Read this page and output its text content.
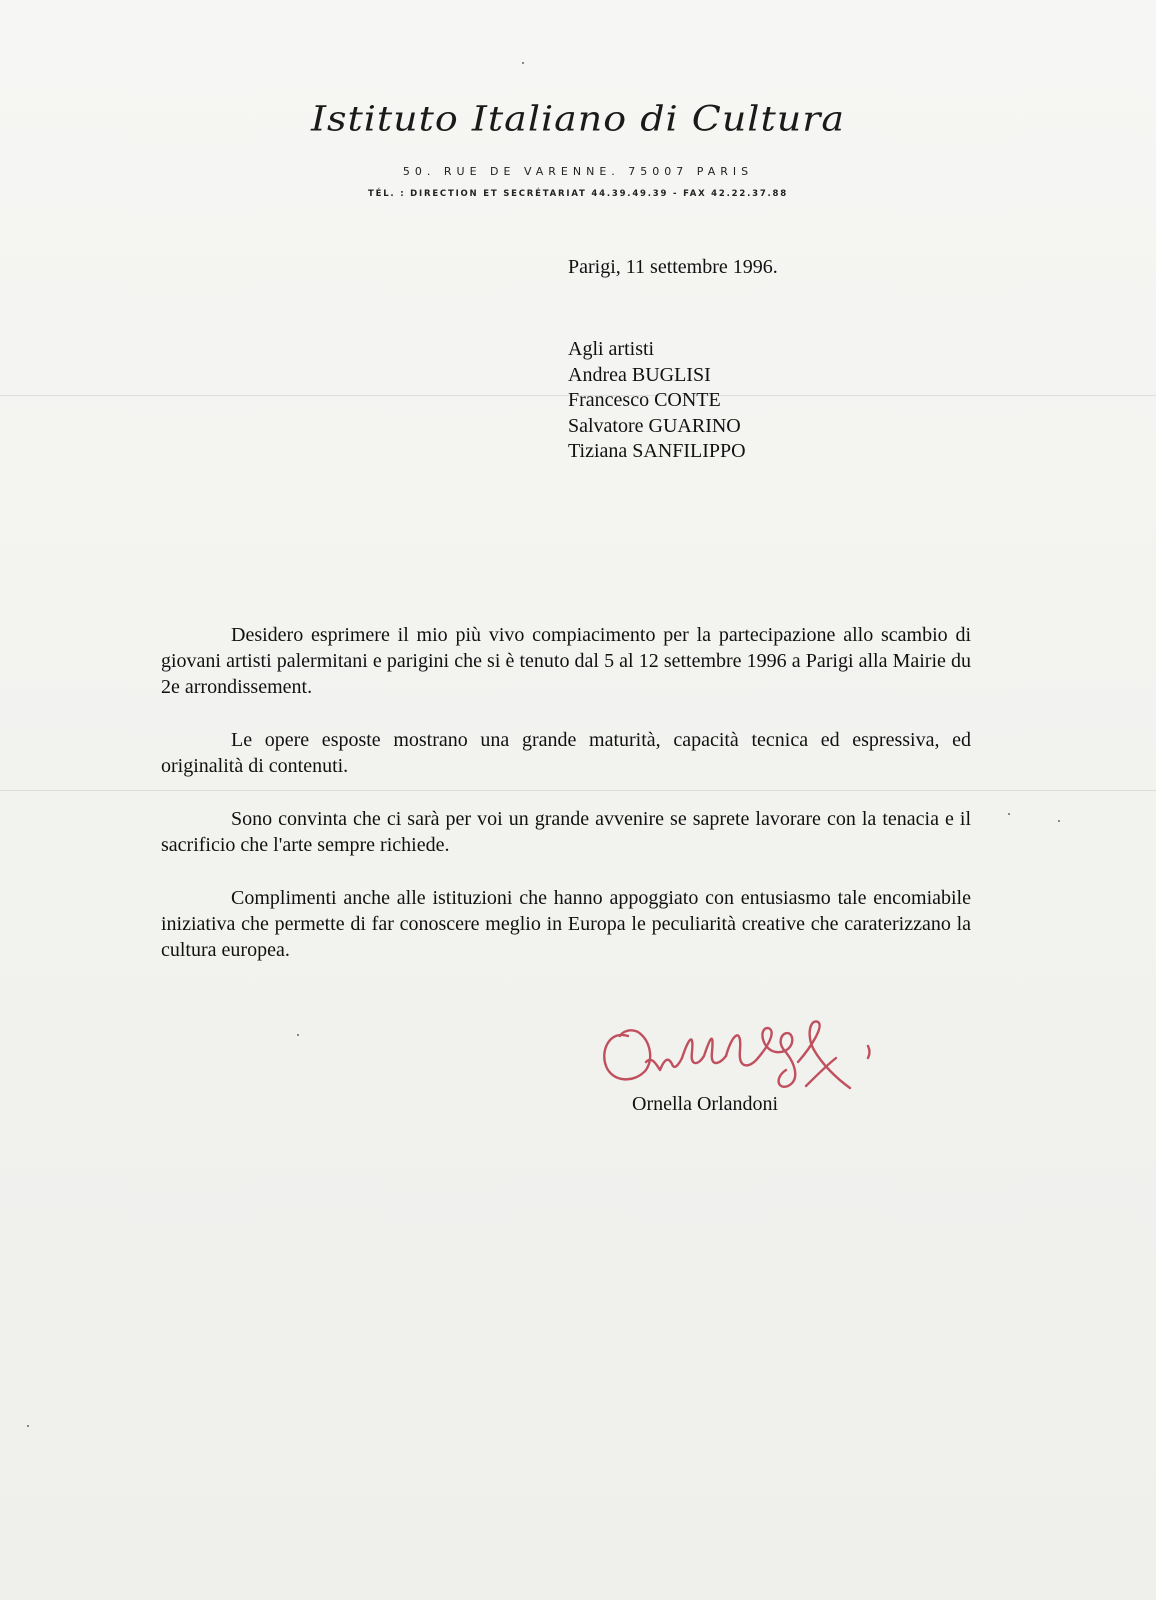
Istituto Italiano di Cultura
50. RUE DE VARENNE. 75007 PARIS
TÉL. : DIRECTION ET SECRÉTARIAT 44.39.49.39 - FAX 42.22.37.88
Parigi, 11 settembre 1996.
Agli artisti
Andrea BUGLISI
Francesco CONTE
Salvatore GUARINO
Tiziana SANFILIPPO

Desidero esprimere il mio più vivo compiacimento per la partecipazione allo scambio di giovani artisti palermitani e parigini che si è tenuto dal 5 al 12 settembre 1996 a Parigi alla Mairie du 2e arrondissement.

Le opere esposte mostrano una grande maturità, capacità tecnica ed espressiva, ed originalità di contenuti.

Sono convinta che ci sarà per voi un grande avvenire se saprete lavorare con la tenacia e il sacrificio che l'arte sempre richiede.

Complimenti anche alle istituzioni che hanno appoggiato con entusiasmo tale encomiabile iniziativa che permette di far conoscere meglio in Europa le peculiarità creative che caraterizzano la cultura europea.

Ornella Orlandoni
